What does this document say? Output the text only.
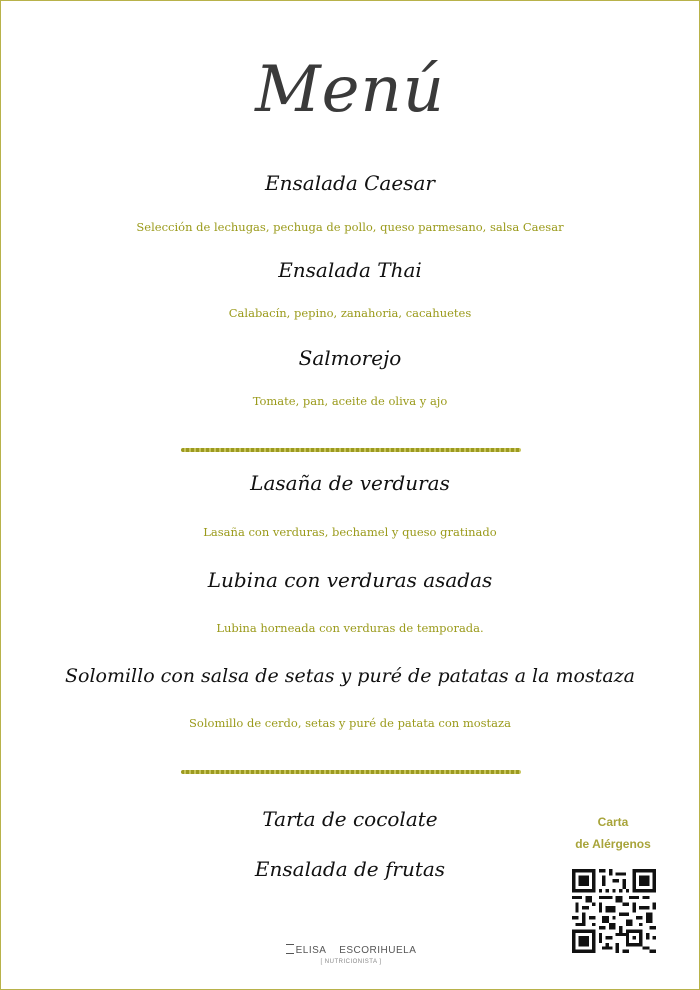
Menú
Ensalada Caesar
Selección de lechugas, pechuga de pollo, queso parmesano, salsa Caesar
Ensalada Thai
Calabacín, pepino, zanahoria, cacahuetes
Salmorejo
Tomate, pan, aceite de oliva y ajo
Lasaña de verduras
Lasaña con verduras, bechamel y queso gratinado
Lubina con verduras asadas
Lubina horneada con verduras de temporada.
Solomillo con salsa de setas y puré de patatas a la mostaza
Solomillo de cerdo, setas y puré de patata con mostaza
Tarta de cocolate
Ensalada de frutas
Carta
de Alérgenos
ELISA ESCORIHUELA
[ NUTRICIONISTA ]
